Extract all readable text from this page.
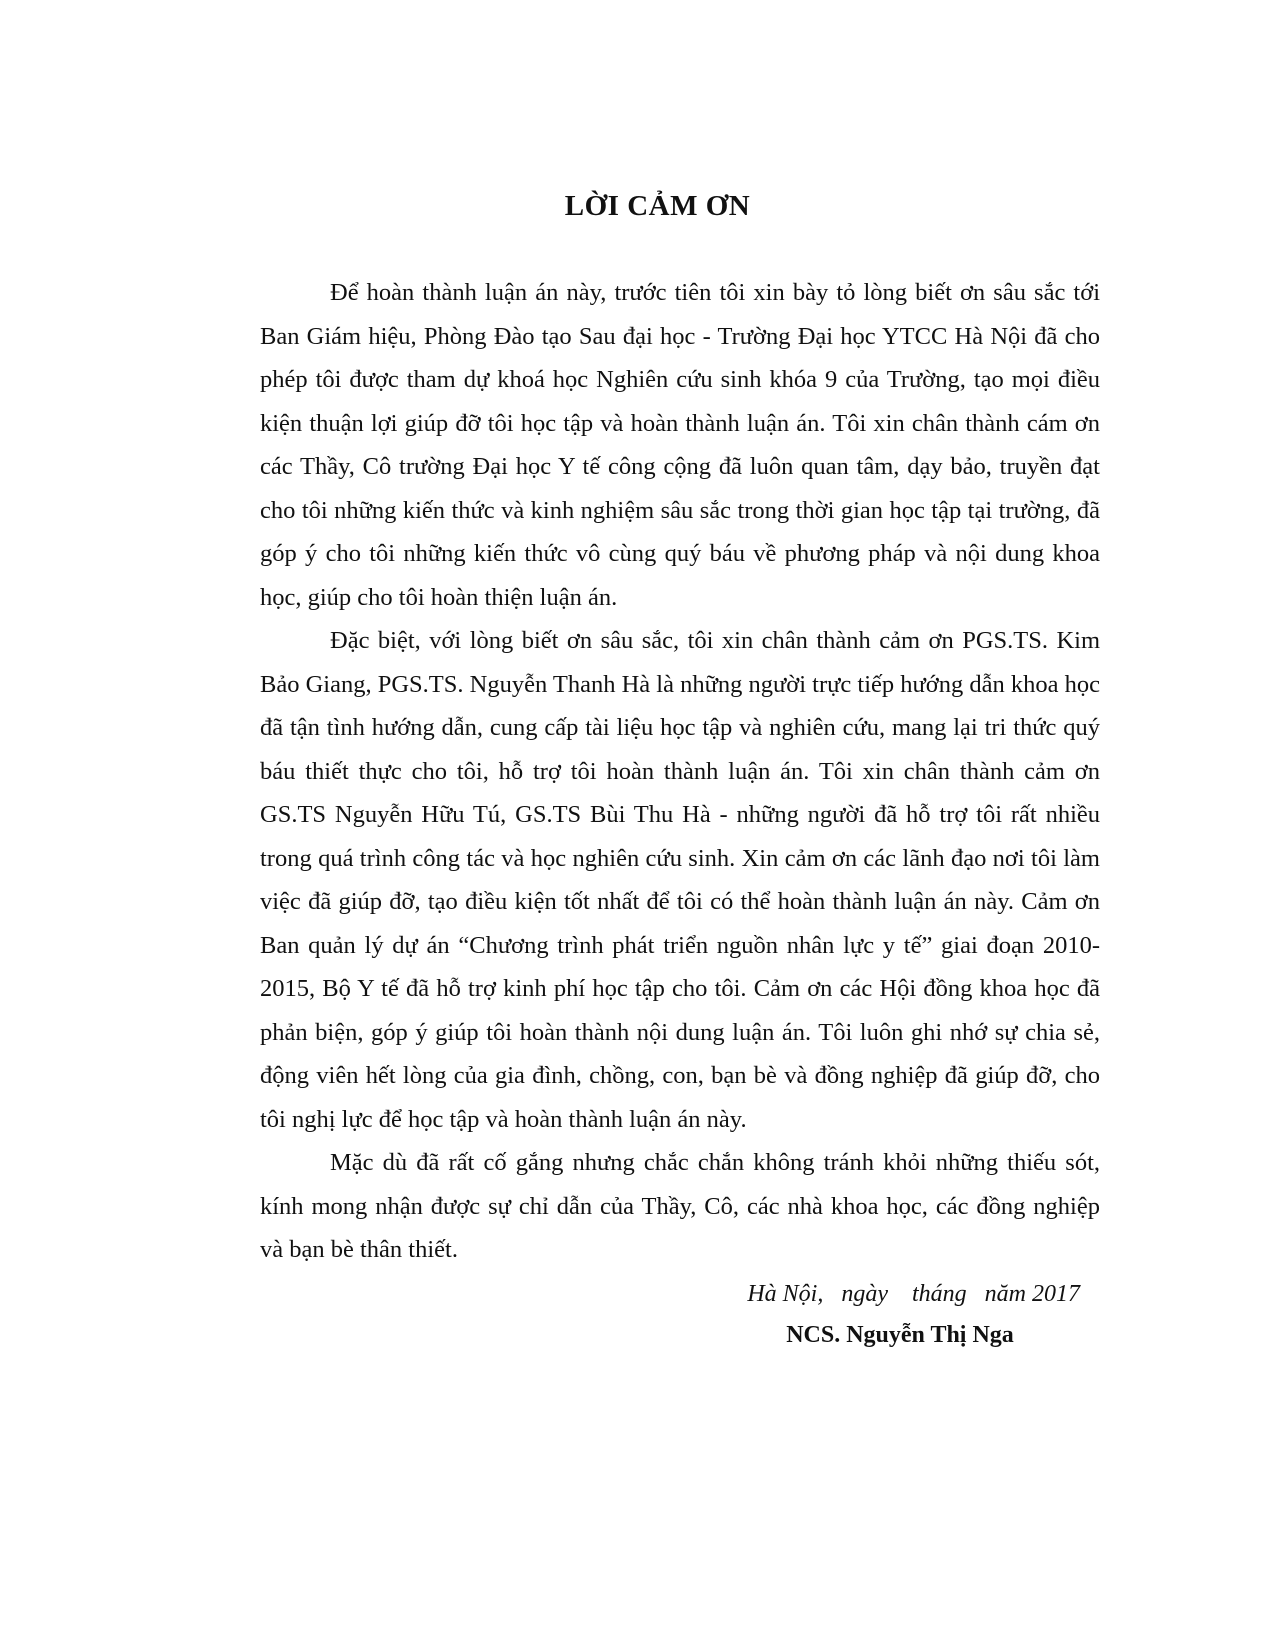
LỜI CẢM ƠN

Để hoàn thành luận án này, trước tiên tôi xin bày tỏ lòng biết ơn sâu sắc tới Ban Giám hiệu, Phòng Đào tạo Sau đại học - Trường Đại học YTCC Hà Nội đã cho phép tôi được tham dự khoá học Nghiên cứu sinh khóa 9 của Trường, tạo mọi điều kiện thuận lợi giúp đỡ tôi học tập và hoàn thành luận án. Tôi xin chân thành cám ơn các Thầy, Cô trường Đại học Y tế công cộng đã luôn quan tâm, dạy bảo, truyền đạt cho tôi những kiến thức và kinh nghiệm sâu sắc trong thời gian học tập tại trường, đã góp ý cho tôi những kiến thức vô cùng quý báu về phương pháp và nội dung khoa học, giúp cho tôi hoàn thiện luận án.

Đặc biệt, với lòng biết ơn sâu sắc, tôi xin chân thành cảm ơn PGS.TS. Kim Bảo Giang, PGS.TS. Nguyễn Thanh Hà là những người trực tiếp hướng dẫn khoa học đã tận tình hướng dẫn, cung cấp tài liệu học tập và nghiên cứu, mang lại tri thức quý báu thiết thực cho tôi, hỗ trợ tôi hoàn thành luận án. Tôi xin chân thành cảm ơn GS.TS Nguyễn Hữu Tú, GS.TS Bùi Thu Hà - những người đã hỗ trợ tôi rất nhiều trong quá trình công tác và học nghiên cứu sinh. Xin cảm ơn các lãnh đạo nơi tôi làm việc đã giúp đỡ, tạo điều kiện tốt nhất để tôi có thể hoàn thành luận án này. Cảm ơn Ban quản lý dự án “Chương trình phát triển nguồn nhân lực y tế” giai đoạn 2010-2015, Bộ Y tế đã hỗ trợ kinh phí học tập cho tôi. Cảm ơn các Hội đồng khoa học đã phản biện, góp ý giúp tôi hoàn thành nội dung luận án. Tôi luôn ghi nhớ sự chia sẻ, động viên hết lòng của gia đình, chồng, con, bạn bè và đồng nghiệp đã giúp đỡ, cho tôi nghị lực để học tập và hoàn thành luận án này.

Mặc dù đã rất cố gắng nhưng chắc chắn không tránh khỏi những thiếu sót, kính mong nhận được sự chỉ dẫn của Thầy, Cô, các nhà khoa học, các đồng nghiệp và bạn bè thân thiết.

Hà Nội,   ngày    tháng   năm 2017
NCS. Nguyễn Thị Nga
